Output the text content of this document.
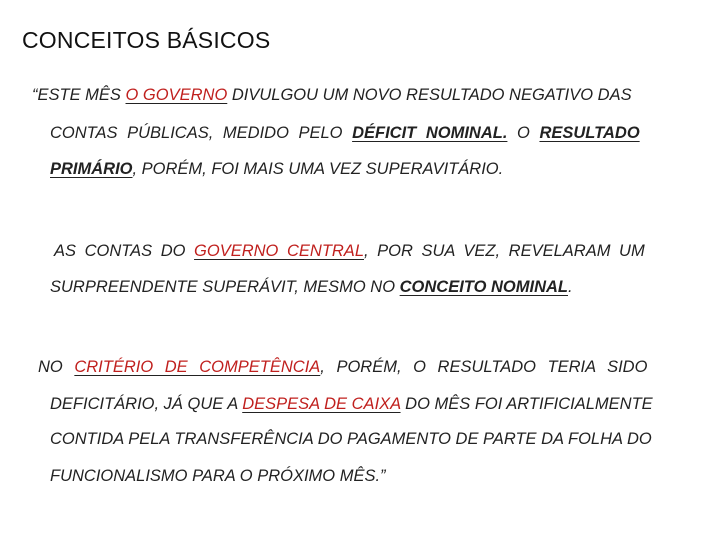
CONCEITOS BÁSICOS

“ESTE MÊS O GOVERNO DIVULGOU UM NOVO RESULTADO NEGATIVO DAS

CONTAS PÚBLICAS, MEDIDO PELO DÉFICIT NOMINAL. O RESULTADO

PRIMÁRIO, PORÉM, FOI MAIS UMA VEZ SUPERAVITÁRIO.

AS CONTAS DO GOVERNO CENTRAL, POR SUA VEZ, REVELARAM UM

SURPREENDENTE SUPERÁVIT, MESMO NO CONCEITO NOMINAL.

NO CRITÉRIO DE COMPETÊNCIA, PORÉM, O RESULTADO TERIA SIDO

DEFICITÁRIO, JÁ QUE A DESPESA DE CAIXA DO MÊS FOI ARTIFICIALMENTE

CONTIDA PELA TRANSFERÊNCIA DO PAGAMENTO DE PARTE DA FOLHA DO

FUNCIONALISMO PARA O PRÓXIMO MÊS.”
